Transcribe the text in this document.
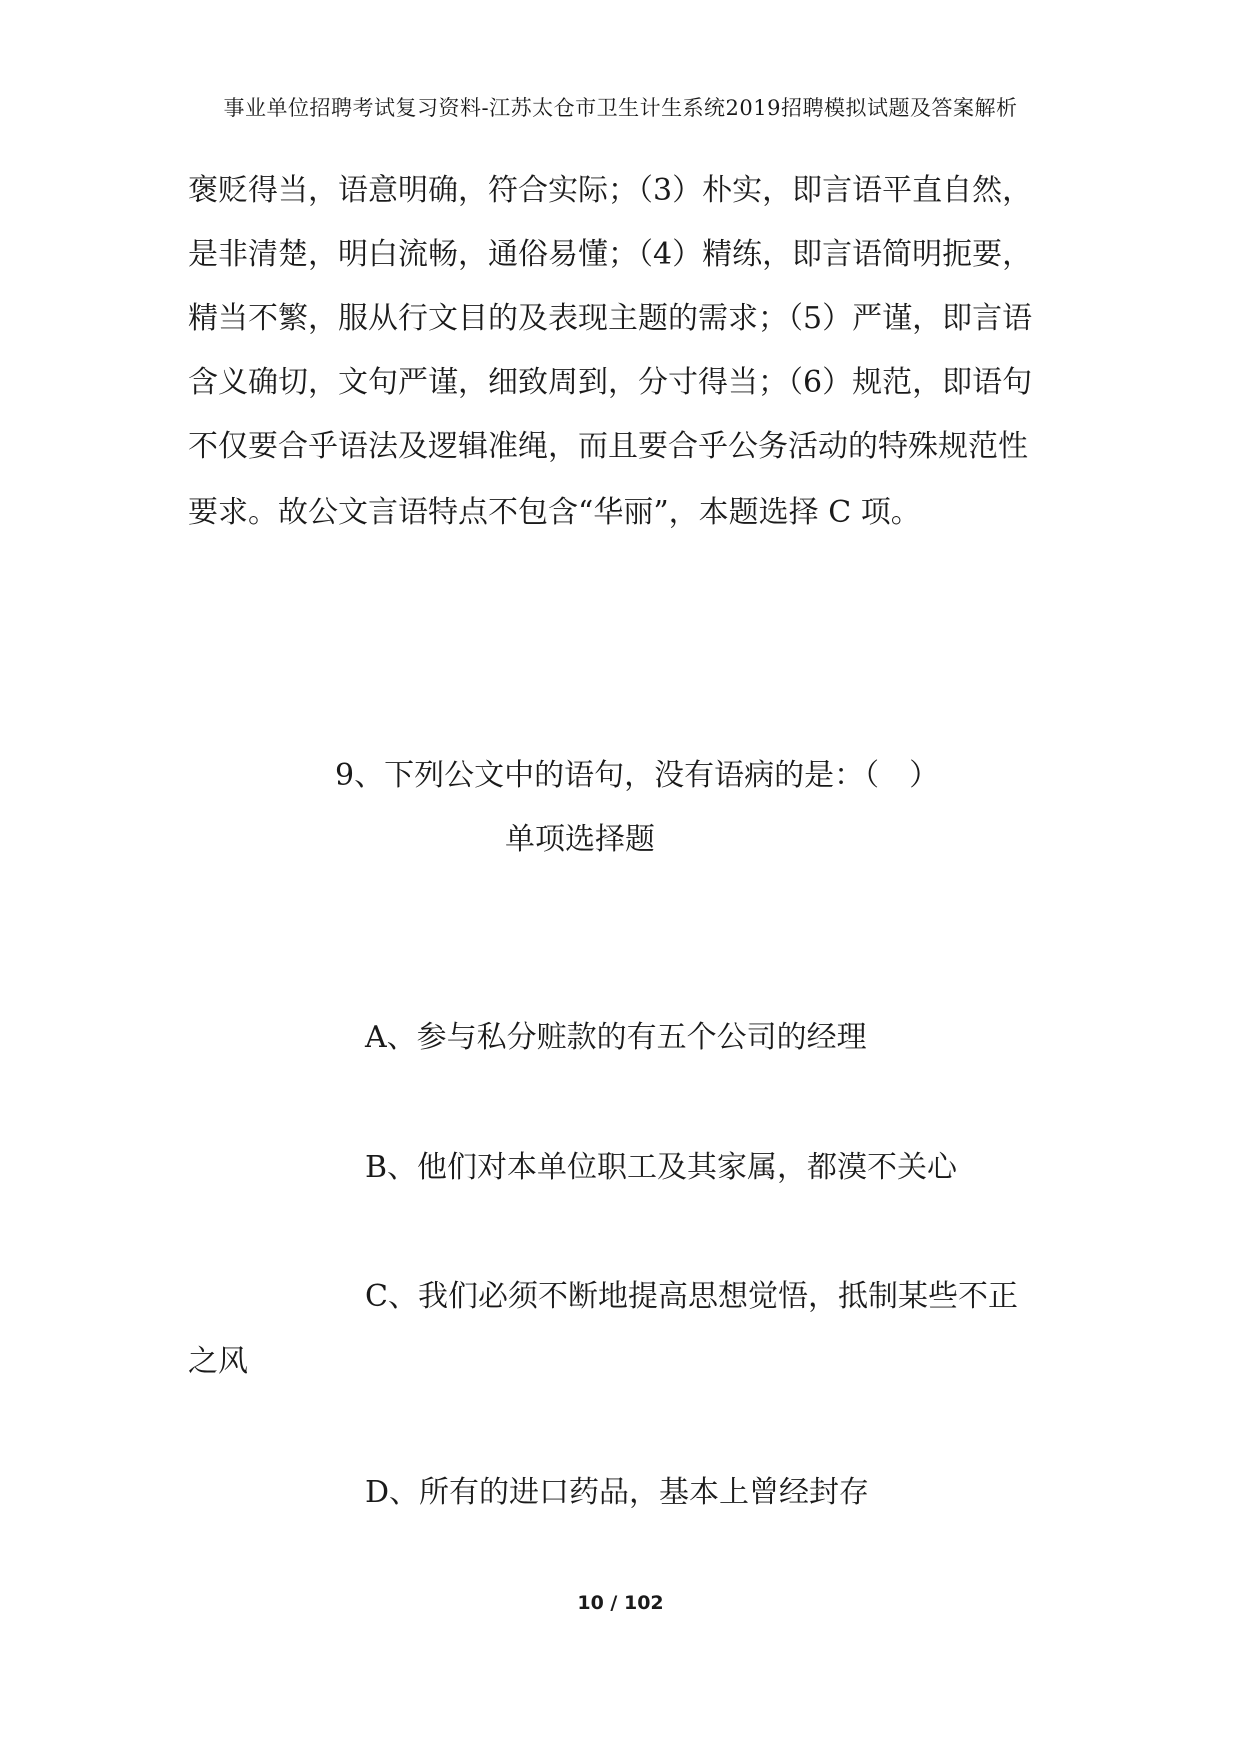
事业单位招聘考试复习资料-江苏太仓市卫生计生系统2019招聘模拟试题及答案解析
褒贬得当，语意明确，符合实际；（3）朴实，即言语平直自然，
是非清楚，明白流畅，通俗易懂；（4）精练，即言语简明扼要，
精当不繁，服从行文目的及表现主题的需求；（5）严谨，即言语
含义确切，文句严谨，细致周到，分寸得当；（6）规范，即语句
不仅要合乎语法及逻辑准绳，而且要合乎公务活动的特殊规范性
要求。故公文言语特点不包含“华丽”，本题选择 C 项。
9、下列公文中的语句，没有语病的是：（　）
单项选择题
A、参与私分赃款的有五个公司的经理
B、他们对本单位职工及其家属，都漠不关心
C、我们必须不断地提高思想觉悟，抵制某些不正
之风
D、所有的进口药品，基本上曾经封存
10 / 102
